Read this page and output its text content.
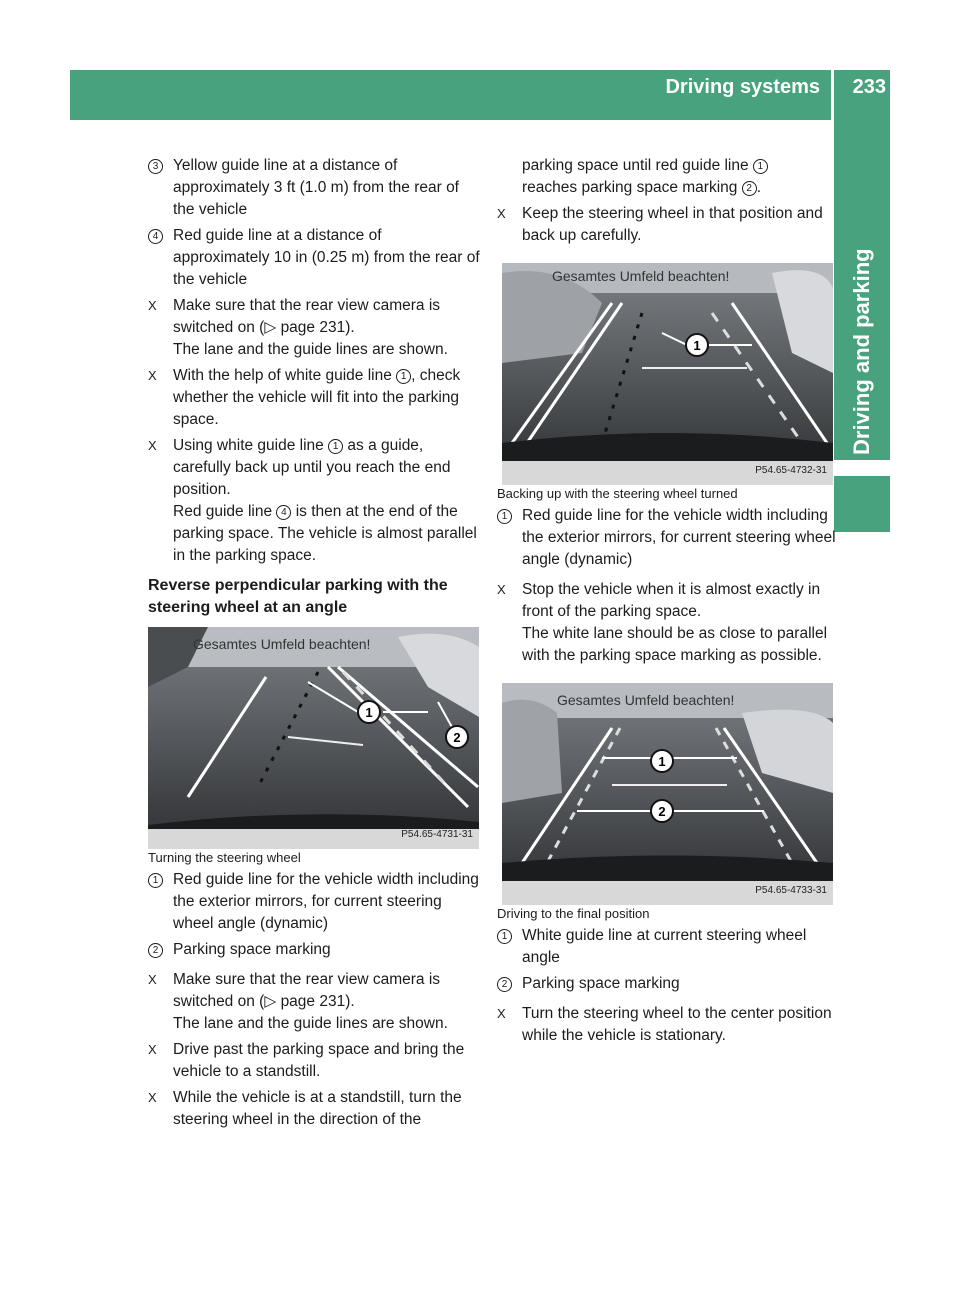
Driving systems 233
Driving and parking

3 Yellow guide line at a distance of approximately 3 ft (1.0 m) from the rear of the vehicle

4 Red guide line at a distance of approximately 10 in (0.25 m) from the rear of the vehicle

X	Make sure that the rear view camera is switched on (▷ page 231).
The lane and the guide lines are shown.

X	With the help of white guide line 1 , check whether the vehicle will fit into the parking space.

X	Using white guide line 1 as a guide, carefully back up until you reach the end position.
Red guide line 4 is then at the end of the parking space. The vehicle is almost parallel in the parking space.

Reverse perpendicular parking with the steering wheel at an angle

1
2
Gesamtes Umfeld beachten!
P54.65-4731-31

Turning the steering wheel

1 Red guide line for the vehicle width including the exterior mirrors, for current steering wheel angle (dynamic)

2 Parking space marking

X	Make sure that the rear view camera is switched on (▷ page 231).
The lane and the guide lines are shown.

X	Drive past the parking space and bring the vehicle to a standstill.

X	While the vehicle is at a standstill, turn the steering wheel in the direction of the

parking space until red guide line 1
reaches parking space marking 2 .

X	Keep the steering wheel in that position and back up carefully.

1
Gesamtes Umfeld beachten!
P54.65-4732-31

Backing up with the steering wheel turned

1 Red guide line for the vehicle width including the exterior mirrors, for current steering wheel angle (dynamic)

X	Stop the vehicle when it is almost exactly in front of the parking space.
The white lane should be as close to parallel with the parking space marking as possible.

1
2
Gesamtes Umfeld beachten!
P54.65-4733-31

Driving to the final position

1 White guide line at current steering wheel angle

2 Parking space marking

X	Turn the steering wheel to the center position while the vehicle is stationary.
